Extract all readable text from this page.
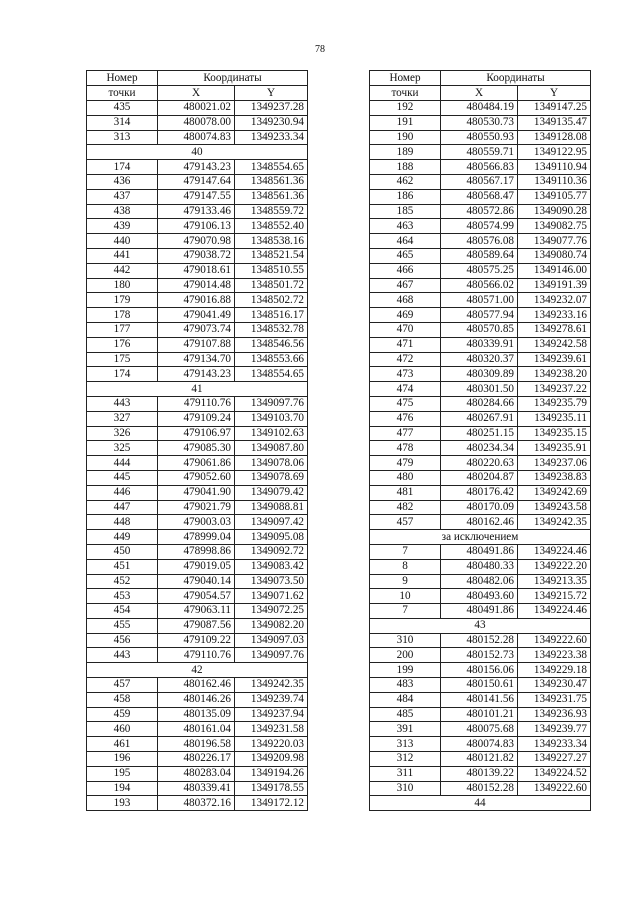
78
Номер	Координаты	
точки	X	Y
435	480021.02	1349237.28
314	480078.00	1349230.94
313	480074.83	1349233.34
40		
174	479143.23	1348554.65
436	479147.64	1348561.36
437	479147.55	1348561.36
438	479133.46	1348559.72
439	479106.13	1348552.40
440	479070.98	1348538.16
441	479038.72	1348521.54
442	479018.61	1348510.55
180	479014.48	1348501.72
179	479016.88	1348502.72
178	479041.49	1348516.17
177	479073.74	1348532.78
176	479107.88	1348546.56
175	479134.70	1348553.66
174	479143.23	1348554.65
41		
443	479110.76	1349097.76
327	479109.24	1349103.70
326	479106.97	1349102.63
325	479085.30	1349087.80
444	479061.86	1349078.06
445	479052.60	1349078.69
446	479041.90	1349079.42
447	479021.79	1349088.81
448	479003.03	1349097.42
449	478999.04	1349095.08
450	478998.86	1349092.72
451	479019.05	1349083.42
452	479040.14	1349073.50
453	479054.57	1349071.62
454	479063.11	1349072.25
455	479087.56	1349082.20
456	479109.22	1349097.03
443	479110.76	1349097.76
42		
457	480162.46	1349242.35
458	480146.26	1349239.74
459	480135.09	1349237.94
460	480161.04	1349231.58
461	480196.58	1349220.03
196	480226.17	1349209.98
195	480283.04	1349194.26
194	480339.41	1349178.55
193	480372.16	1349172.12
Номер	Координаты	
точки	X	Y
192	480484.19	1349147.25
191	480530.73	1349135.47
190	480550.93	1349128.08
189	480559.71	1349122.95
188	480566.83	1349110.94
462	480567.17	1349110.36
186	480568.47	1349105.77
185	480572.86	1349090.28
463	480574.99	1349082.75
464	480576.08	1349077.76
465	480589.64	1349080.74
466	480575.25	1349146.00
467	480566.02	1349191.39
468	480571.00	1349232.07
469	480577.94	1349233.16
470	480570.85	1349278.61
471	480339.91	1349242.58
472	480320.37	1349239.61
473	480309.89	1349238.20
474	480301.50	1349237.22
475	480284.66	1349235.79
476	480267.91	1349235.11
477	480251.15	1349235.15
478	480234.34	1349235.91
479	480220.63	1349237.06
480	480204.87	1349238.83
481	480176.42	1349242.69
482	480170.09	1349243.58
457	480162.46	1349242.35
за исключением		
7	480491.86	1349224.46
8	480480.33	1349222.20
9	480482.06	1349213.35
10	480493.60	1349215.72
7	480491.86	1349224.46
43		
310	480152.28	1349222.60
200	480152.73	1349223.38
199	480156.06	1349229.18
483	480150.61	1349230.47
484	480141.56	1349231.75
485	480101.21	1349236.93
391	480075.68	1349239.77
313	480074.83	1349233.34
312	480121.82	1349227.27
311	480139.22	1349224.52
310	480152.28	1349222.60
44		
